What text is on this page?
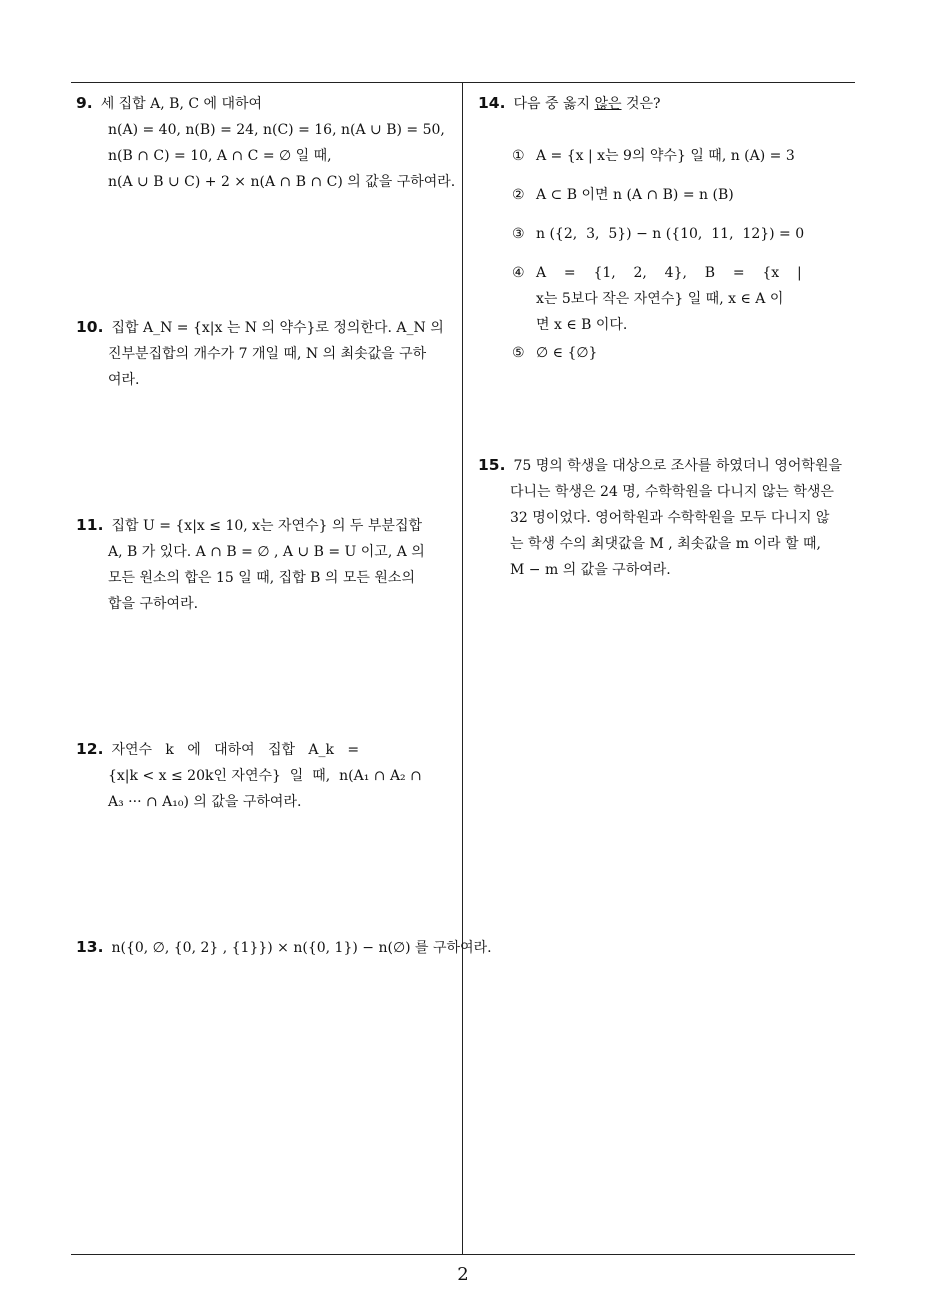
9. 세 집합 A, B, C 에 대하여
n(A) = 40, n(B) = 24, n(C) = 16, n(A ∪ B) = 50,
n(B ∩ C) = 10, A ∩ C = ∅ 일 때,
n(A ∪ B ∪ C) + 2 × n(A ∩ B ∩ C) 의 값을 구하여라.
10. 집합 A_N = {x|x 는 N 의 약수}로 정의한다. A_N 의
진부분집합의 개수가 7 개일 때, N 의 최솟값을 구하
여라.
11. 집합 U = {x|x ≤ 10, x는 자연수} 의 두 부분집합
A, B 가 있다. A ∩ B = ∅ , A ∪ B = U 이고, A 의
모든 원소의 합은 15 일 때, 집합 B 의 모든 원소의
합을 구하여라.
12. 자연수   k   에   대하여   집합   A_k   =
{x|k < x ≤ 20k인 자연수}  일  때,  n(A₁ ∩ A₂ ∩
A₃ ··· ∩ A₁₀) 의 값을 구하여라.
13. n({0, ∅, {0, 2} , {1}}) × n({0, 1}) − n(∅) 를 구하여라.
14. 다음 중 옳지 않은 것은?
① A = {x | x는 9의 약수} 일 때, n (A) = 3
② A ⊂ B 이면 n (A ∩ B) = n (B)
③ n ({2,  3,  5}) − n ({10,  11,  12}) = 0
④ A    =    {1,    2,    4},    B    =    {x    |
x는 5보다 작은 자연수} 일 때, x ∈ A 이
면 x ∈ B 이다.
⑤ ∅ ∈ {∅}
15. 75 명의 학생을 대상으로 조사를 하였더니 영어학원을
다니는 학생은 24 명, 수학학원을 다니지 않는 학생은
32 명이었다. 영어학원과 수학학원을 모두 다니지 않
는 학생 수의 최댓값을 M , 최솟값을 m 이라 할 때,
M − m 의 값을 구하여라.
2
